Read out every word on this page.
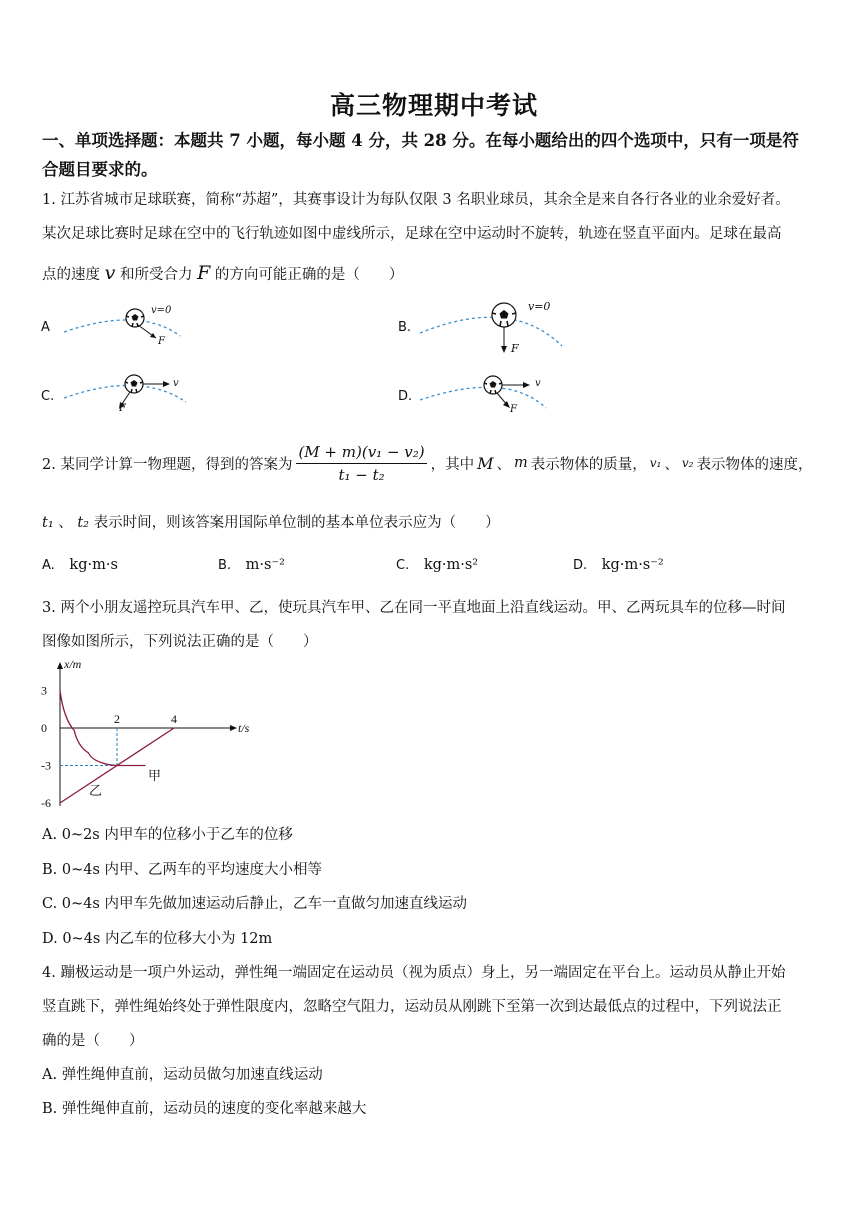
高三物理期中考试
一、单项选择题：本题共 7 小题，每小题 4 分，共 28 分。在每小题给出的四个选项中，只有一项是符
合题目要求的。
1. 江苏省城市足球联赛，简称“苏超”，其赛事设计为每队仅限 3 名职业球员，其余全是来自各行各业的业余爱好者。
某次足球比赛时足球在空中的飞行轨迹如图中虚线所示，足球在空中运动时不旋转，轨迹在竖直平面内。足球在最高
点的速度 v 和所受合力 F 的方向可能正确的是（　　）
A
v=0
F
B.
v=0
F
C.
v
F
D.
v
F
2. 某同学计算一物理题，得到的答案为 $\frac{\text{(M + m)(v₁ − v₂)}}{\text{t₁ − t₂}}$ ，其中 M 、 m 表示物体的质量， v₁ 、 v₂ 表示物体的速度，
t₁ 、 t₂ 表示时间，则该答案用国际单位制的基本单位表示应为（　　）
A. kg·m·s	B. m·s⁻²	C. kg·m·s²	D. kg·m·s⁻²
3. 两个小朋友遥控玩具汽车甲、乙，使玩具汽车甲、乙在同一平直地面上沿直线运动。甲、乙两玩具车的位移—时间
图像如图所示，下列说法正确的是（　　）
3
0
-3
-6
2	4
t/s
x/m
甲
乙
A. 0~2s 内甲车的位移小于乙车的位移
B. 0~4s 内甲、乙两车的平均速度大小相等
C. 0~4s 内甲车先做加速运动后静止，乙车一直做匀加速直线运动
D. 0~4s 内乙车的位移大小为 12m
4. 蹦极运动是一项户外运动，弹性绳一端固定在运动员（视为质点）身上，另一端固定在平台上。运动员从静止开始
竖直跳下，弹性绳始终处于弹性限度内，忽略空气阻力，运动员从刚跳下至第一次到达最低点的过程中，下列说法正
确的是（　　）
A. 弹性绳伸直前，运动员做匀加速直线运动
B. 弹性绳伸直前，运动员的速度的变化率越来越大
